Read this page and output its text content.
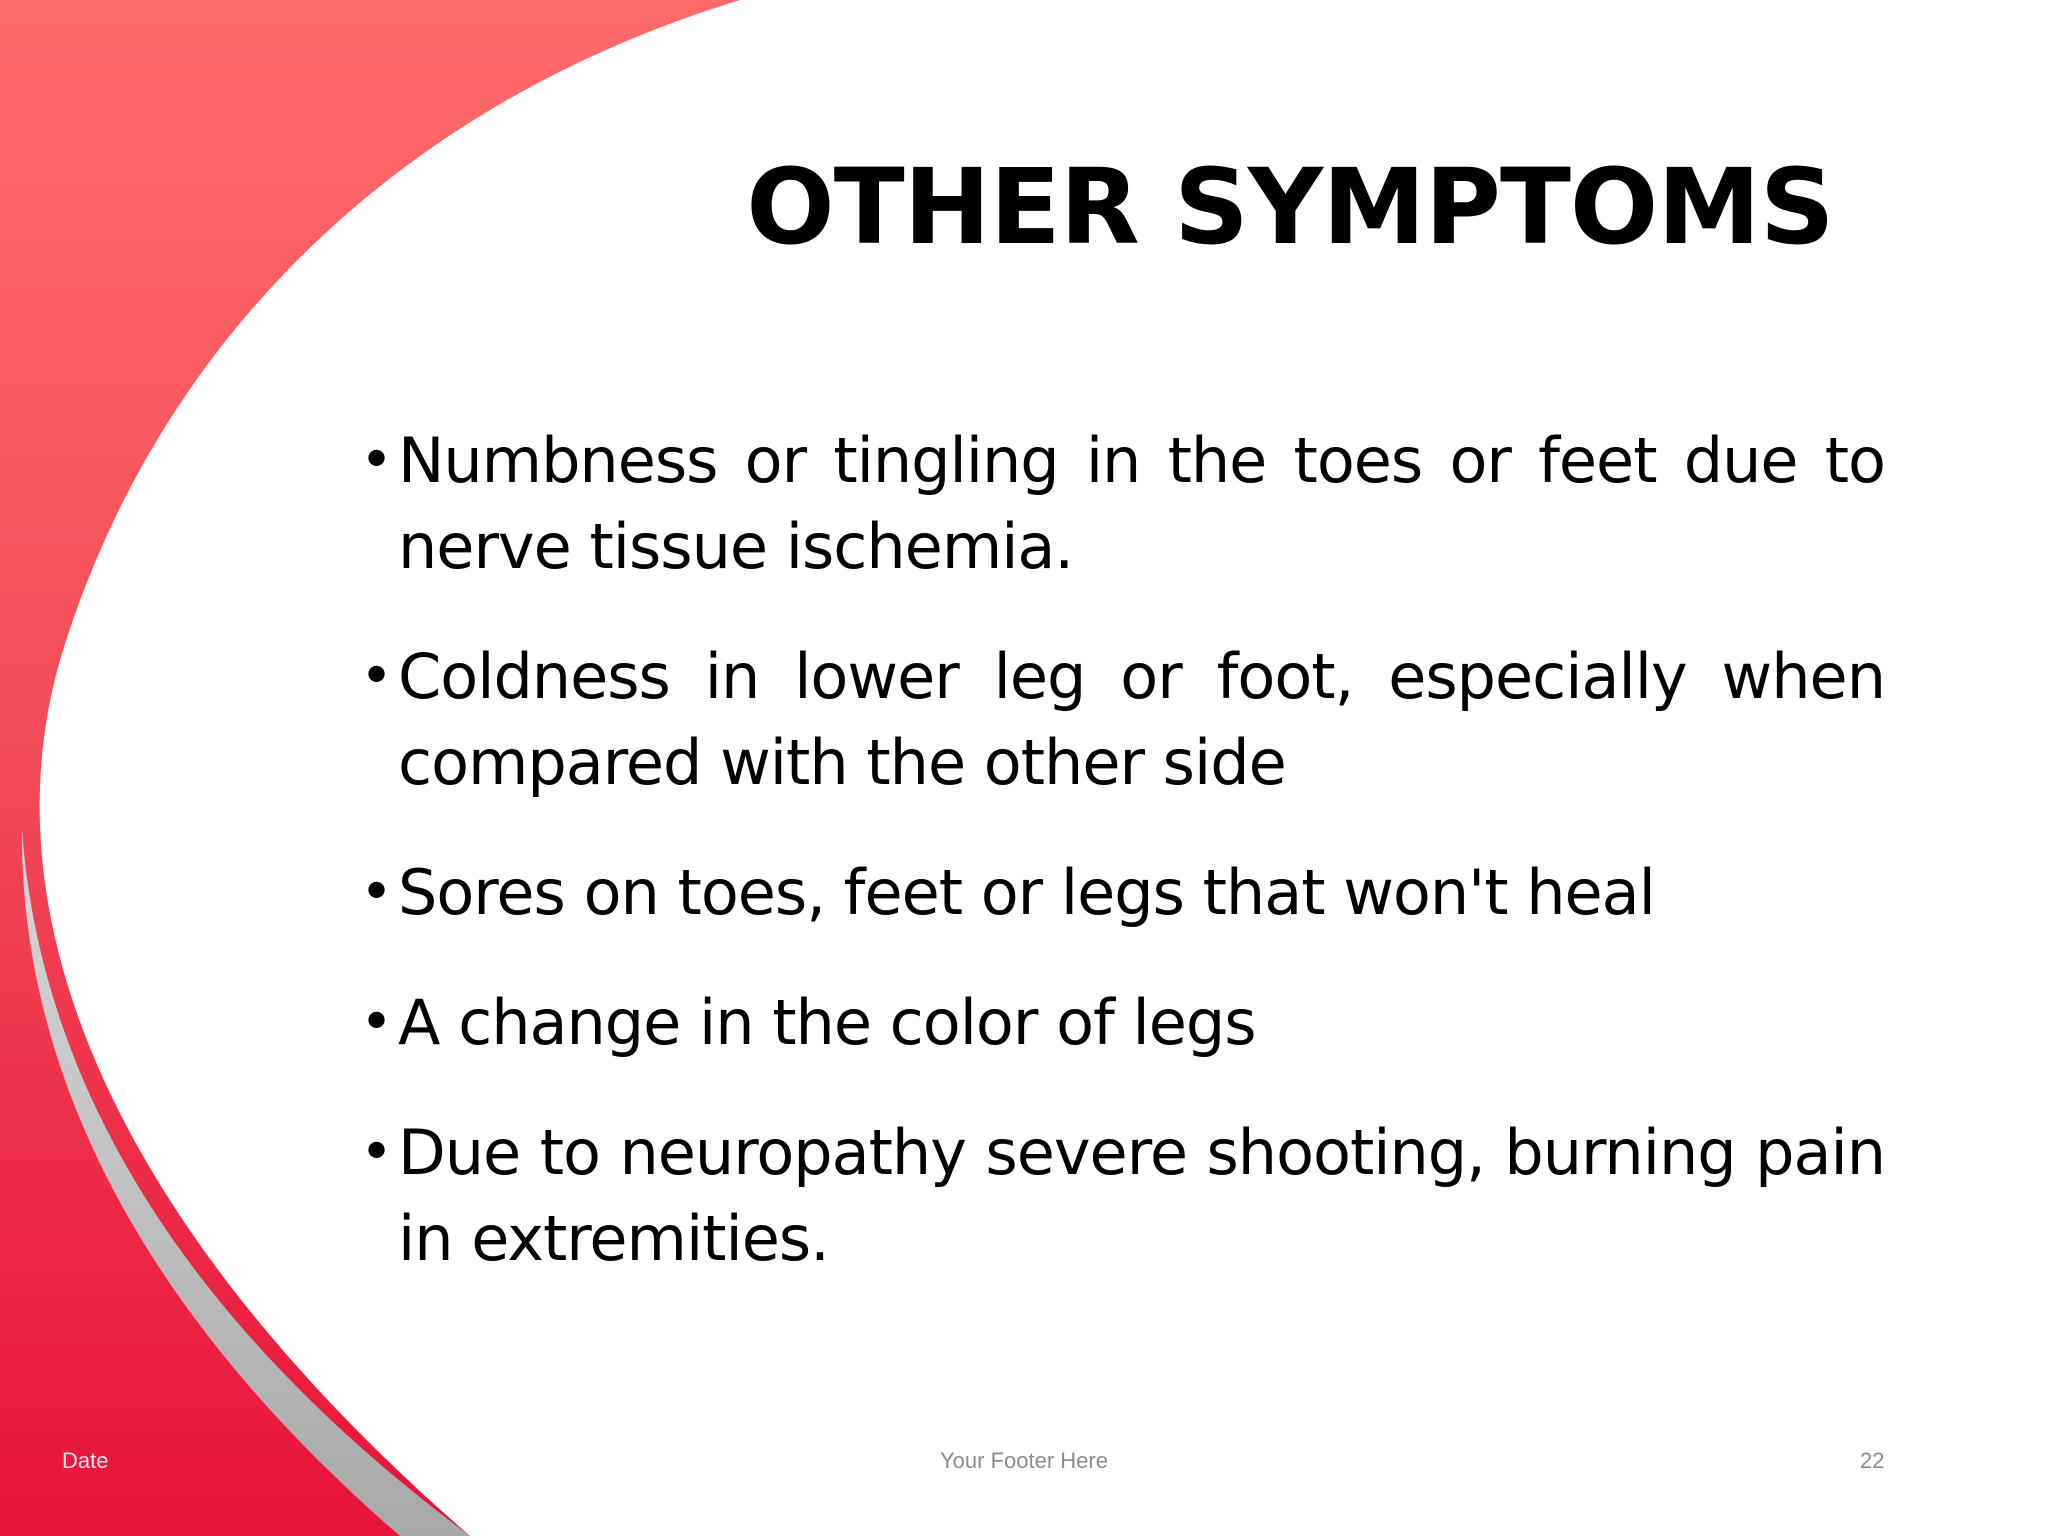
OTHER SYMPTOMS
• Numbness or tingling in the toes or feet due to nerve tissue ischemia.
• Coldness in lower leg or foot, especially when compared with the other side
• Sores on toes, feet or legs that won't heal
• A change in the color of legs
• Due to neuropathy severe shooting, burning pain in extremities.
Date	Your Footer Here	22
